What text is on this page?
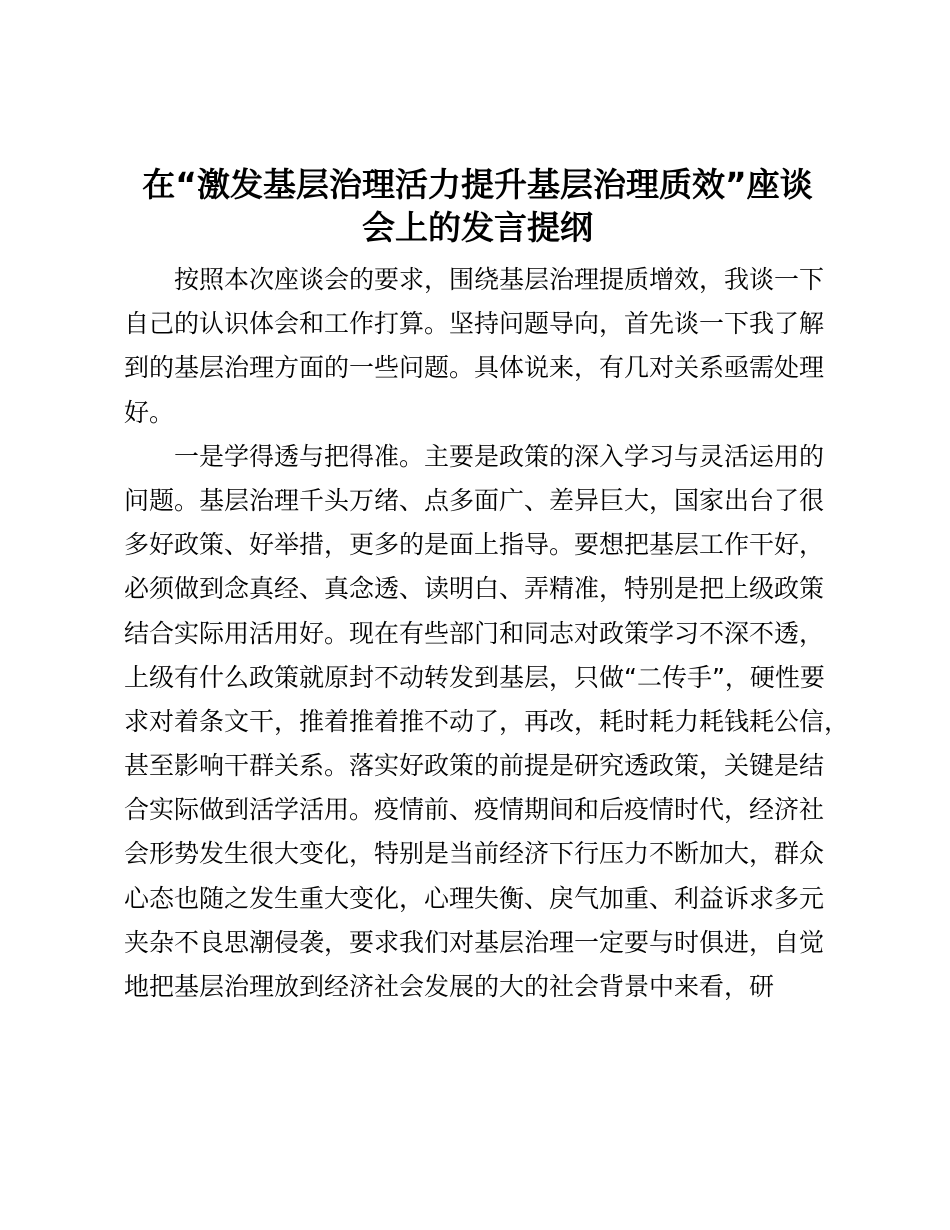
在“激发基层治理活力提升基层治理质效”座谈
会上的发言提纲

按照本次座谈会的要求，围绕基层治理提质增效，我谈一下
自己的认识体会和工作打算。坚持问题导向，首先谈一下我了解
到的基层治理方面的一些问题。具体说来，有几对关系亟需处理
好。

一是学得透与把得准。主要是政策的深入学习与灵活运用的
问题。基层治理千头万绪、点多面广、差异巨大，国家出台了很
多好政策、好举措，更多的是面上指导。要想把基层工作干好，
必须做到念真经、真念透、读明白、弄精准，特别是把上级政策
结合实际用活用好。现在有些部门和同志对政策学习不深不透，
上级有什么政策就原封不动转发到基层，只做“二传手”，硬性要
求对着条文干，推着推着推不动了，再改，耗时耗力耗钱耗公信，
甚至影响干群关系。落实好政策的前提是研究透政策，关键是结
合实际做到活学活用。疫情前、疫情期间和后疫情时代，经济社
会形势发生很大变化，特别是当前经济下行压力不断加大，群众
心态也随之发生重大变化，心理失衡、戾气加重、利益诉求多元
夹杂不良思潮侵袭，要求我们对基层治理一定要与时俱进，自觉
地把基层治理放到经济社会发展的大的社会背景中来看，研
